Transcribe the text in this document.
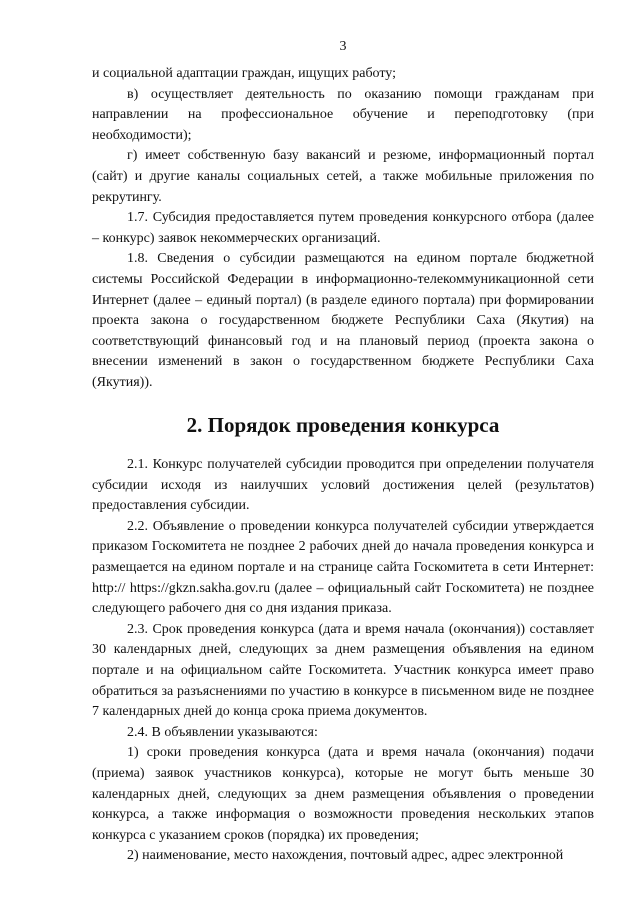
3

и социальной адаптации граждан, ищущих работу;

в) осуществляет деятельность по оказанию помощи гражданам при направлении на профессиональное обучение и переподготовку (при необходимости);

г) имеет собственную базу вакансий и резюме, информационный портал (сайт) и другие каналы социальных сетей, а также мобильные приложения по рекрутингу.

1.7. Субсидия предоставляется путем проведения конкурсного отбора (далее – конкурс) заявок некоммерческих организаций.

1.8. Сведения о субсидии размещаются на едином портале бюджетной системы Российской Федерации в информационно-телекоммуникационной сети Интернет (далее – единый портал) (в разделе единого портала) при формировании проекта закона о государственном бюджете Республики Саха (Якутия) на соответствующий финансовый год и на плановый период (проекта закона о внесении изменений в закон о государственном бюджете Республики Саха (Якутия)).

2. Порядок проведения конкурса

2.1. Конкурс получателей субсидии проводится при определении получателя субсидии исходя из наилучших условий достижения целей (результатов) предоставления субсидии.

2.2. Объявление о проведении конкурса получателей субсидии утверждается приказом Госкомитета не позднее 2 рабочих дней до начала проведения конкурса и размещается на едином портале и на странице сайта Госкомитета в сети Интернет: http:// https://gkzn.sakha.gov.ru (далее – официальный сайт Госкомитета) не позднее следующего рабочего дня со дня издания приказа.

2.3. Срок проведения конкурса (дата и время начала (окончания)) составляет 30 календарных дней, следующих за днем размещения объявления на едином портале и на официальном сайте Госкомитета. Участник конкурса имеет право обратиться за разъяснениями по участию в конкурсе в письменном виде не позднее 7 календарных дней до конца срока приема документов.

2.4. В объявлении указываются:

1) сроки проведения конкурса (дата и время начала (окончания) подачи (приема) заявок участников конкурса), которые не могут быть меньше 30 календарных дней, следующих за днем размещения объявления о проведении конкурса, а также информация о возможности проведения нескольких этапов конкурса с указанием сроков (порядка) их проведения;

2) наименование, место нахождения, почтовый адрес, адрес электронной
